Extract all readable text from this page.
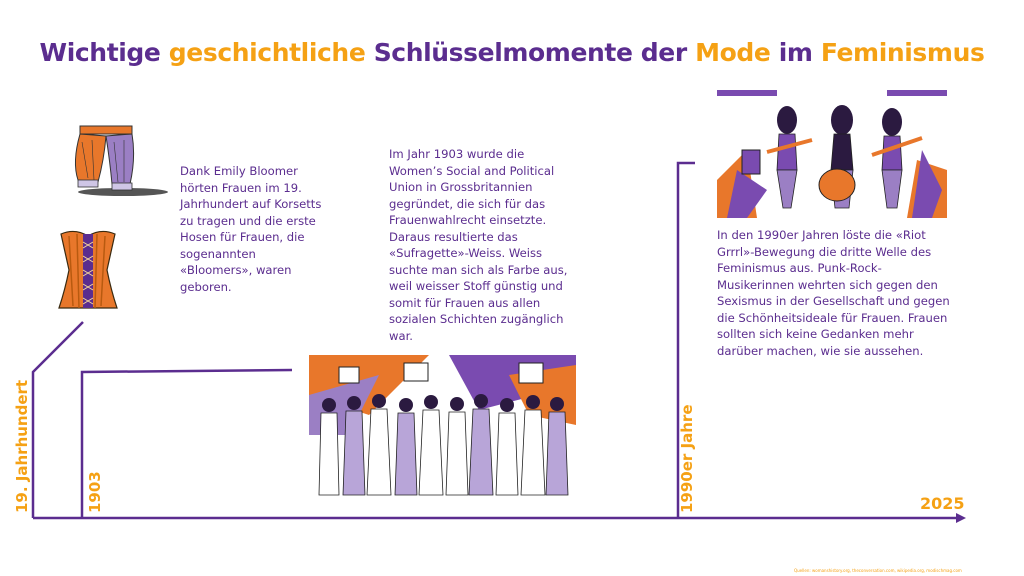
Wichtige geschichtliche Schlüsselmomente der Mode im Feminismus
19. Jahrhundert	1903	1990er Jahre	2025
Dank Emily Bloomer hörten Frauen im 19. Jahrhundert auf Korsetts zu tragen und die erste Hosen für Frauen, die sogenannten «Bloomers», waren geboren.
Im Jahr 1903 wurde die Women’s Social and Political Union in Grossbritannien gegründet, die sich für das Frauenwahlrecht einsetzte. Daraus resultierte das «Sufragette»-Weiss. Weiss suchte man sich als Farbe aus, weil weisser Stoff günstig und somit für Frauen aus allen sozialen Schichten zugänglich war.
In den 1990er Jahren löste die «Riot Grrrl»-Bewegung die dritte Welle des Feminismus aus. Punk-Rock-Musikerinnen wehrten sich gegen den Sexismus in der Gesellschaft und gegen die Schönheitsideale für Frauen. Frauen sollten sich keine Gedanken mehr darüber machen, wie sie aussehen.
Quellen: womanshistory.org, theconversation.com, wikipedia.org, modischmag.com
